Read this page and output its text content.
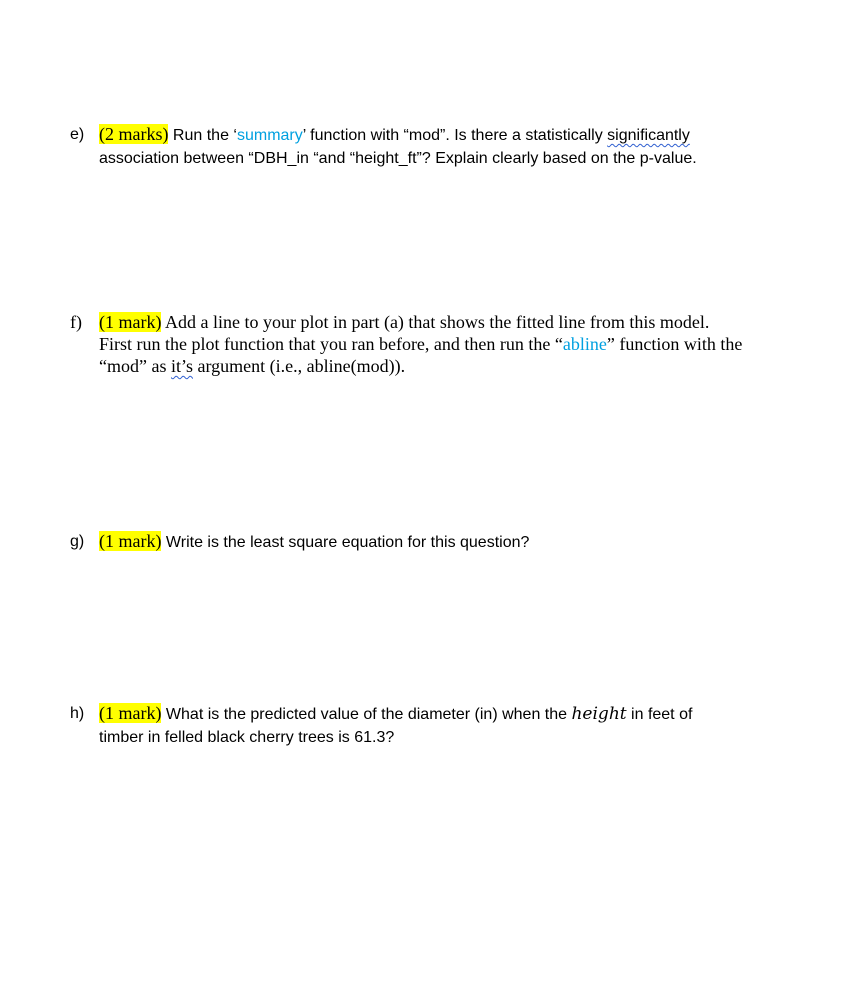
e) (2 marks) Run the ‘summary’ function with “mod”. Is there a statistically significantly
association between “DBH_in “and “height_ft”? Explain clearly based on the p-value.
f) (1 mark) Add a line to your plot in part (a) that shows the fitted line from this model.
First run the plot function that you ran before, and then run the “abline” function with the
“mod” as it’s argument (i.e., abline(mod)).
g) (1 mark) Write is the least square equation for this question?
h) (1 mark) What is the predicted value of the diameter (in) when the height in feet of
timber in felled black cherry trees is 61.3?
